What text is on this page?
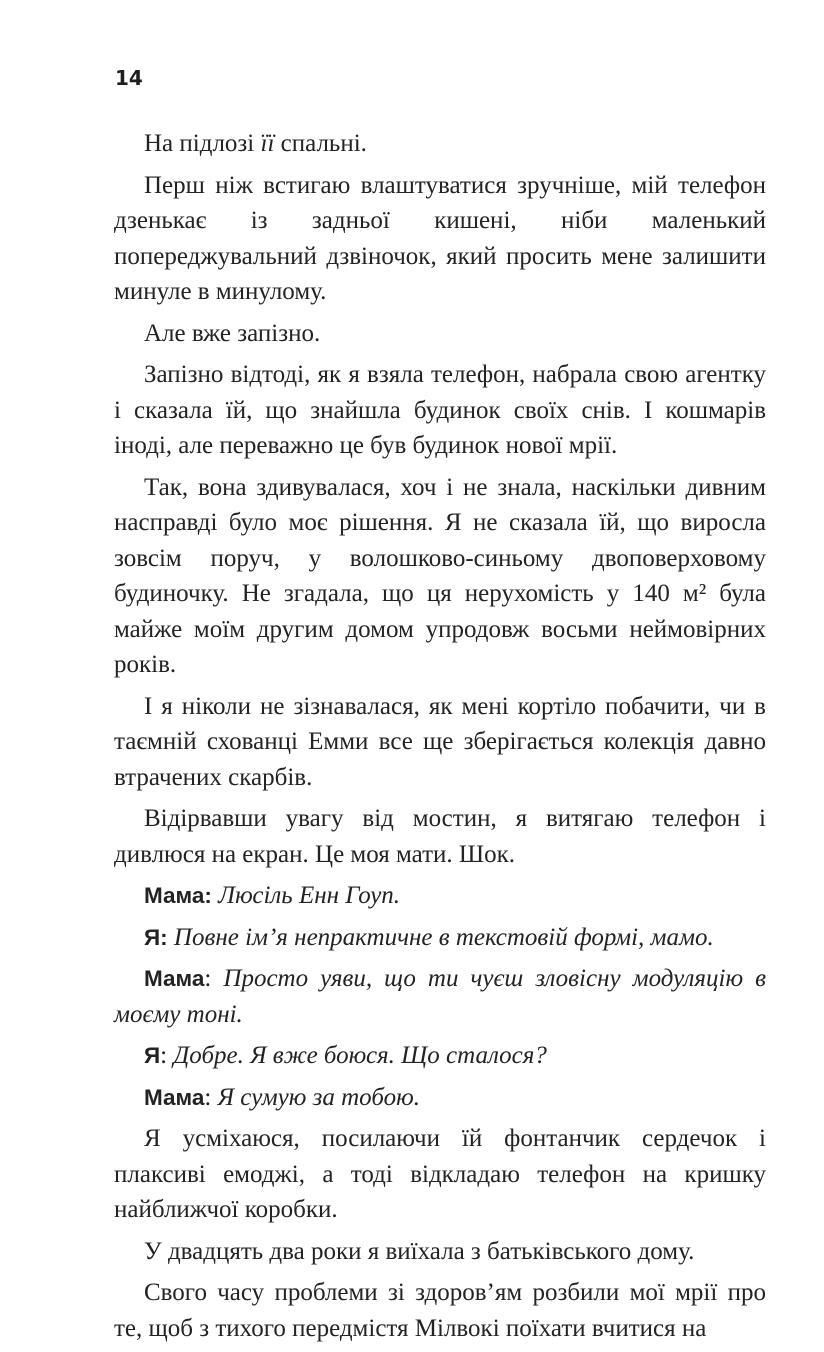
14

На підлозі її спальні.

Перш ніж встигаю влаштуватися зручніше, мій телефон дзенькає із задньої кишені, ніби маленький попереджувальний дзвіночок, який просить мене залишити минуле в минулому.

Але вже запізно.

Запізно відтоді, як я взяла телефон, набрала свою агентку і сказала їй, що знайшла будинок своїх снів. І кошмарів іноді, але переважно це був будинок нової мрії.

Так, вона здивувалася, хоч і не знала, наскільки дивним насправді було моє рішення. Я не сказала їй, що виросла зовсім поруч, у волошково-синьому двоповерховому будиночку. Не згадала, що ця нерухомість у 140 м² була майже моїм другим домом упродовж восьми неймовірних років.

І я ніколи не зізнавалася, як мені кортіло побачити, чи в таємній схованці Емми все ще зберігається колекція давно втрачених скарбів.

Відірвавши увагу від мостин, я витягаю телефон і дивлюся на екран. Це моя мати. Шок.

Мама: Люсіль Енн Гоуп.

Я: Повне ім’я непрактичне в текстовій формі, мамо.

Мама: Просто уяви, що ти чуєш зловісну модуляцію в моєму тоні.

Я: Добре. Я вже боюся. Що сталося?

Мама: Я сумую за тобою.

Я усміхаюся, посилаючи їй фонтанчик сердечок і плаксиві емоджі, а тоді відкладаю телефон на кришку найближчої коробки.

У двадцять два роки я виїхала з батьківського дому.

Свого часу проблеми зі здоров’ям розбили мої мрії про те, щоб з тихого передмістя Мілвокі поїхати вчитися на
